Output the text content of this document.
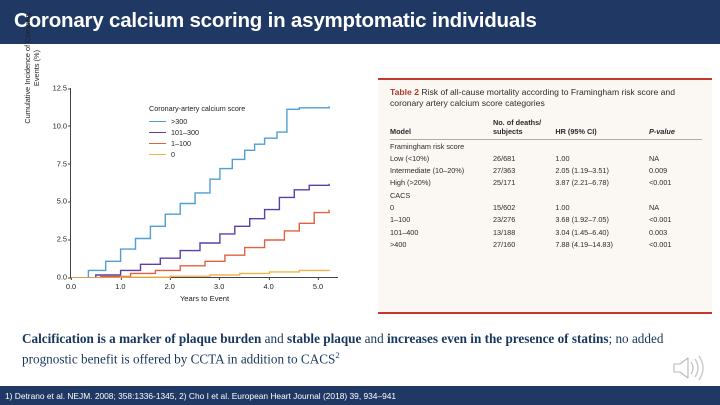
Coronary calcium scoring in asymptomatic individuals
Cumulative Incidence of Coronary Events (%)
0.0
2.5
5.0
7.5
10.0
12.5
0.0	1.0	2.0	3.0	4.0	5.0
Years to Event
Coronary-artery calcium score
>300
101–300
1–100
0
Table 2 Risk of all-cause mortality according to Framingham risk score and coronary artery calcium score categories
Model	No. of deaths/ subjects	HR (95% CI)	P-value
Framingham risk score			
Low (<10%)	26/681	1.00	NA
Intermediate (10–20%)	27/363	2.05 (1.19–3.51)	0.009
High (>20%)	25/171	3.87 (2.21–6.78)	<0.001
CACS			
0	15/602	1.00	NA
1–100	23/276	3.68 (1.92–7.05)	<0.001
101–400	13/188	3.04 (1.45–6.40)	0.003
>400	27/160	7.88 (4.19–14.83)	<0.001
Calcification is a marker of plaque burden and stable plaque and increases even in the presence of statins; no added prognostic benefit is offered by CCTA in addition to CACS$^2$
1) Detrano et al. NEJM. 2008; 358:1336-1345, 2) Cho I et al. European Heart Journal (2018) 39, 934–941
